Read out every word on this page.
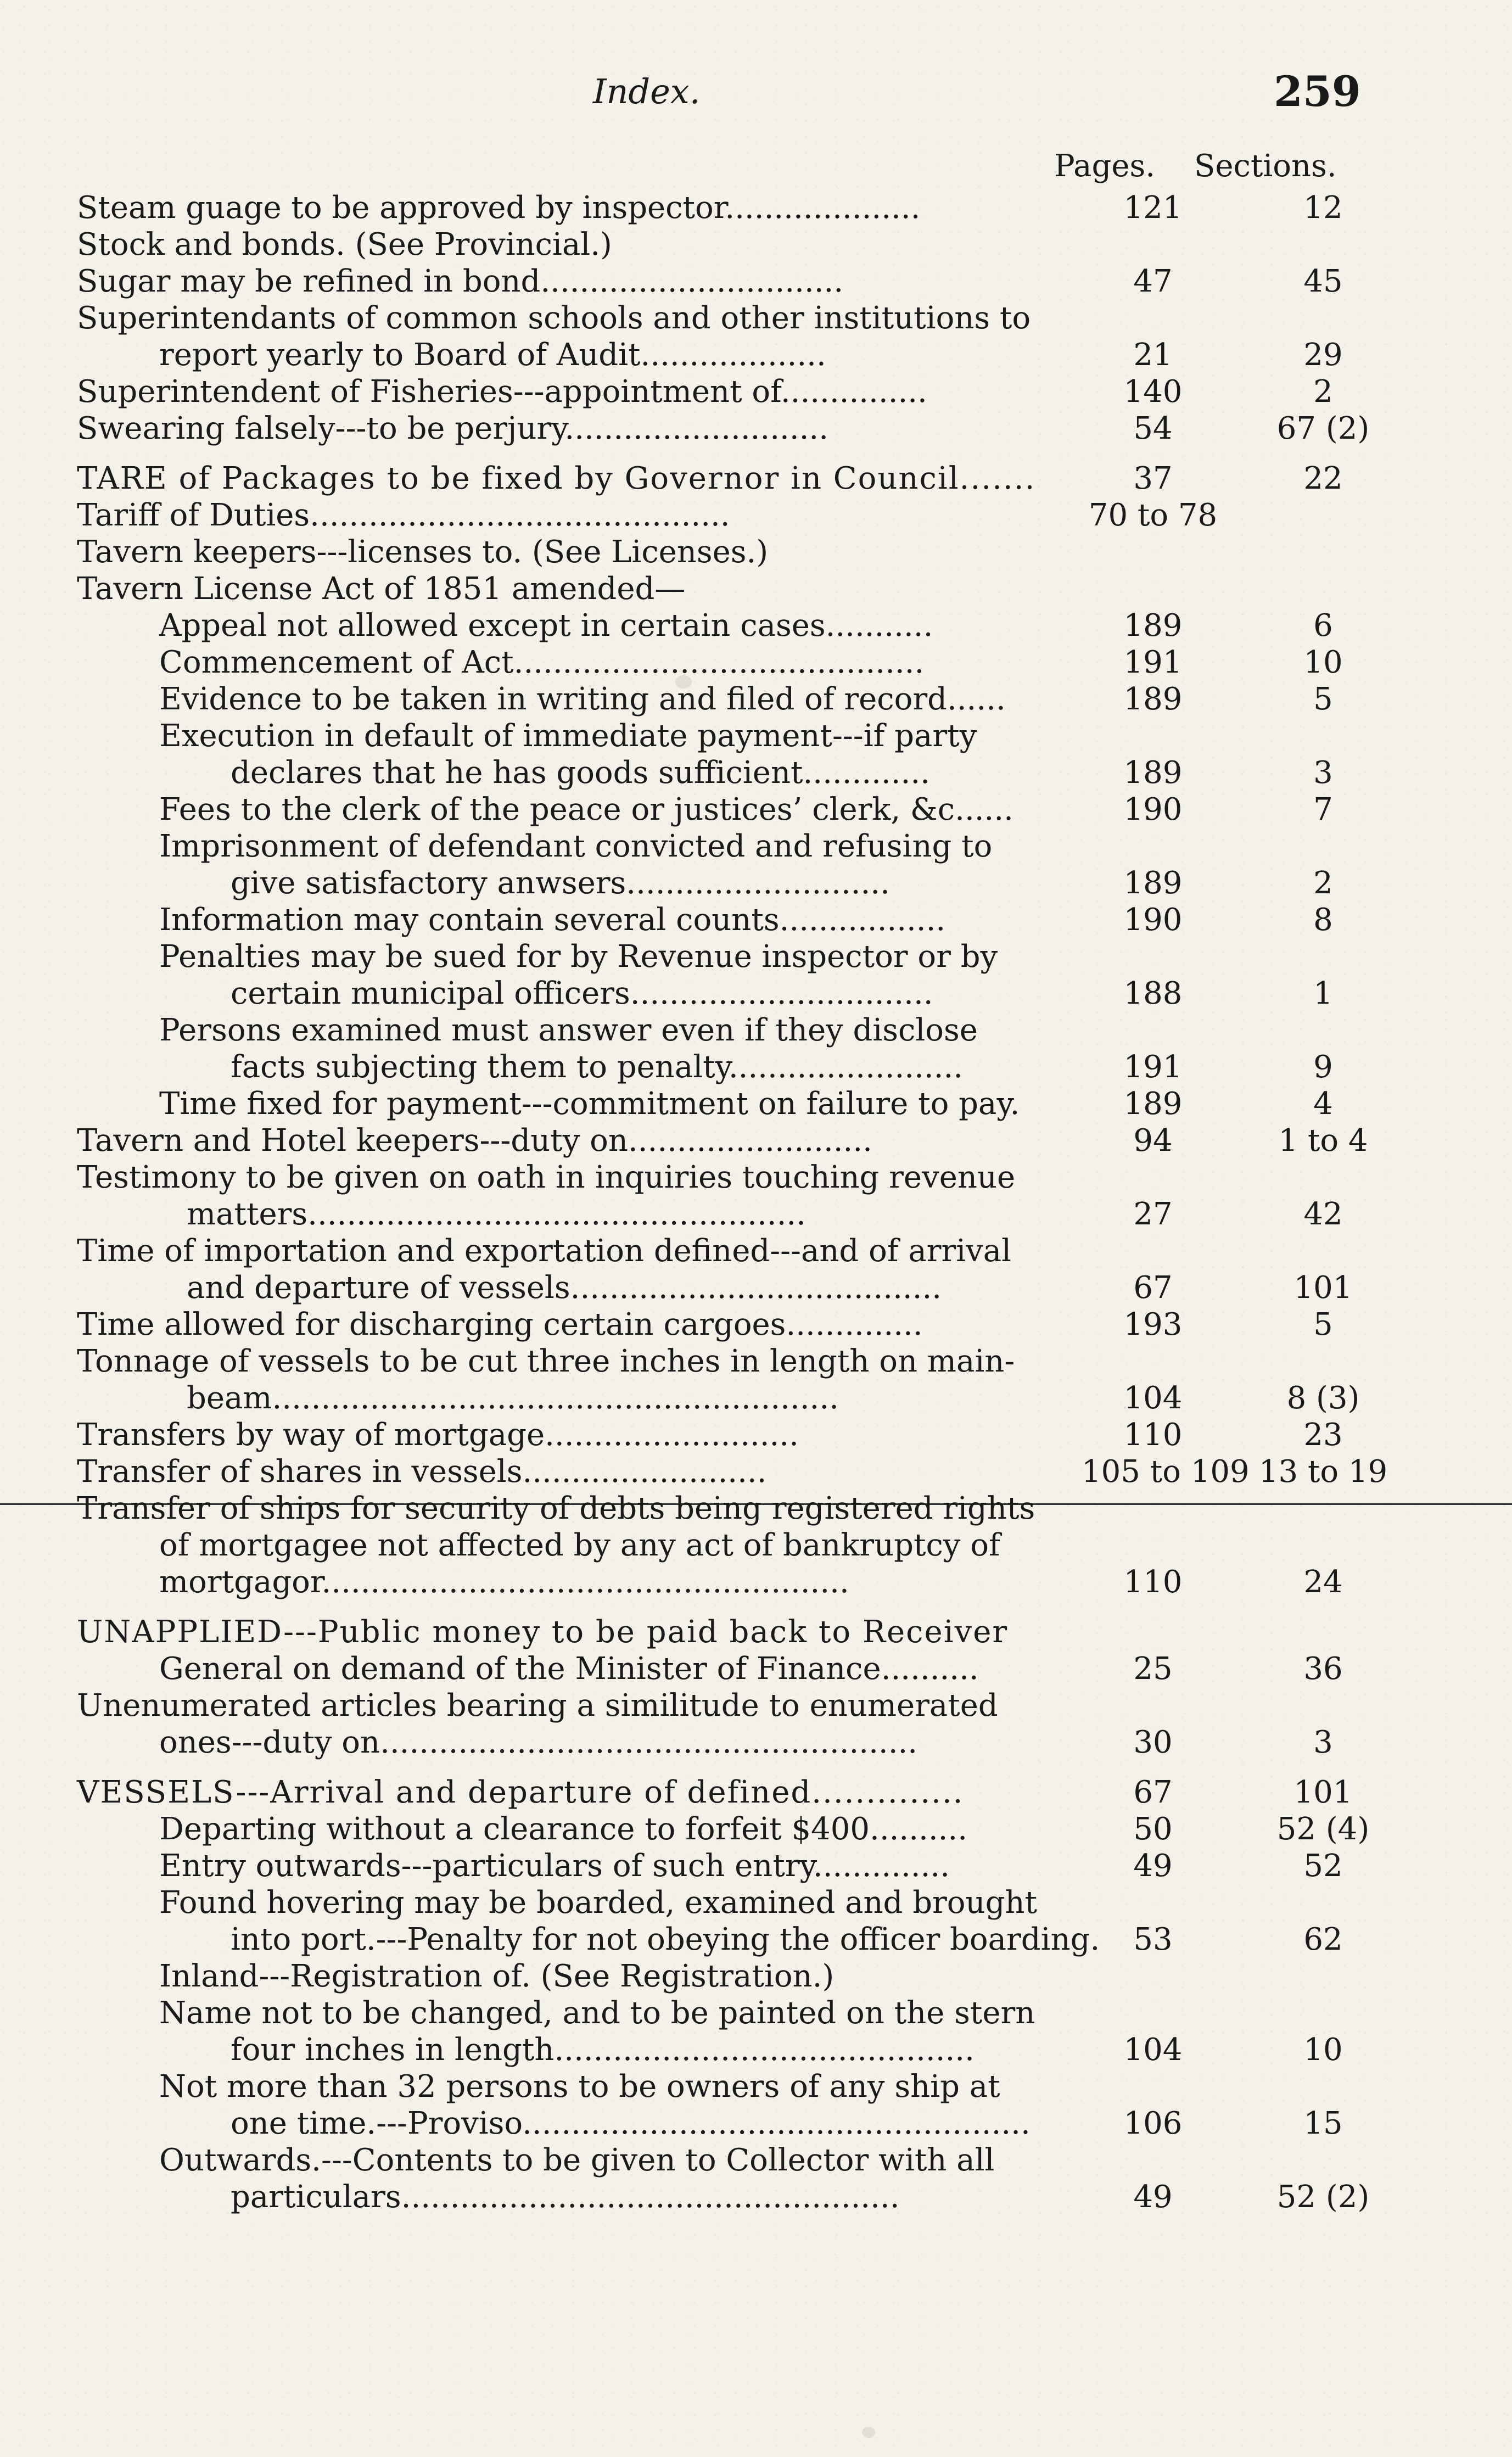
Index.	259
Pages. Sections.
Steam guage to be approved by inspector....................	121	12
Stock and bonds. (See Provincial.)
Sugar may be refined in bond...............................	47	45
Superintendants of common schools and other institutions to
report yearly to Board of Audit...................	21	29
Superintendent of Fisheries---appointment of...............	140	2
Swearing falsely---to be perjury...........................	54	67 (2)
TARE of Packages to be fixed by Governor in Council.......	37	22
Tariff of Duties...........................................	70 to 78
Tavern keepers---licenses to. (See Licenses.)
Tavern License Act of 1851 amended—
Appeal not allowed except in certain cases...........	189	6
Commencement of Act..........................................	191	10
Evidence to be taken in writing and filed of record......	189	5
Execution in default of immediate payment---if party
declares that he has goods sufficient.............	189	3
Fees to the clerk of the peace or justices’ clerk, &c......	190	7
Imprisonment of defendant convicted and refusing to
give satisfactory anwsers...........................	189	2
Information may contain several counts.................	190	8
Penalties may be sued for by Revenue inspector or by
certain municipal officers...............................	188	1
Persons examined must answer even if they disclose
facts subjecting them to penalty........................	191	9
Time fixed for payment---commitment on failure to pay.	189	4
Tavern and Hotel keepers---duty on.........................	94	1 to 4
Testimony to be given on oath in inquiries touching revenue
matters...................................................	27	42
Time of importation and exportation defined---and of arrival
and departure of vessels......................................	67	101
Time allowed for discharging certain cargoes..............	193	5
Tonnage of vessels to be cut three inches in length on main-
beam..........................................................	104	8 (3)
Transfers by way of mortgage..........................	110	23
Transfer of shares in vessels.........................	105 to 109 13 to 19
Transfer of ships for security of debts being registered rights
of mortgagee not affected by any act of bankruptcy of
mortgagor......................................................	110	24
UNAPPLIED---Public money to be paid back to Receiver
General on demand of the Minister of Finance..........	25	36
Unenumerated articles bearing a similitude to enumerated
ones---duty on.......................................................	30	3
VESSELS---Arrival and departure of defined..............	67	101
Departing without a clearance to forfeit $400..........	50	52 (4)
Entry outwards---particulars of such entry..............	49	52
Found hovering may be boarded, examined and brought
into port.---Penalty for not obeying the officer boarding.	53	62
Inland---Registration of. (See Registration.)
Name not to be changed, and to be painted on the stern
four inches in length...........................................	104	10
Not more than 32 persons to be owners of any ship at
one time.---Proviso....................................................	106	15
Outwards.---Contents to be given to Collector with all
particulars...................................................	49	52 (2)
